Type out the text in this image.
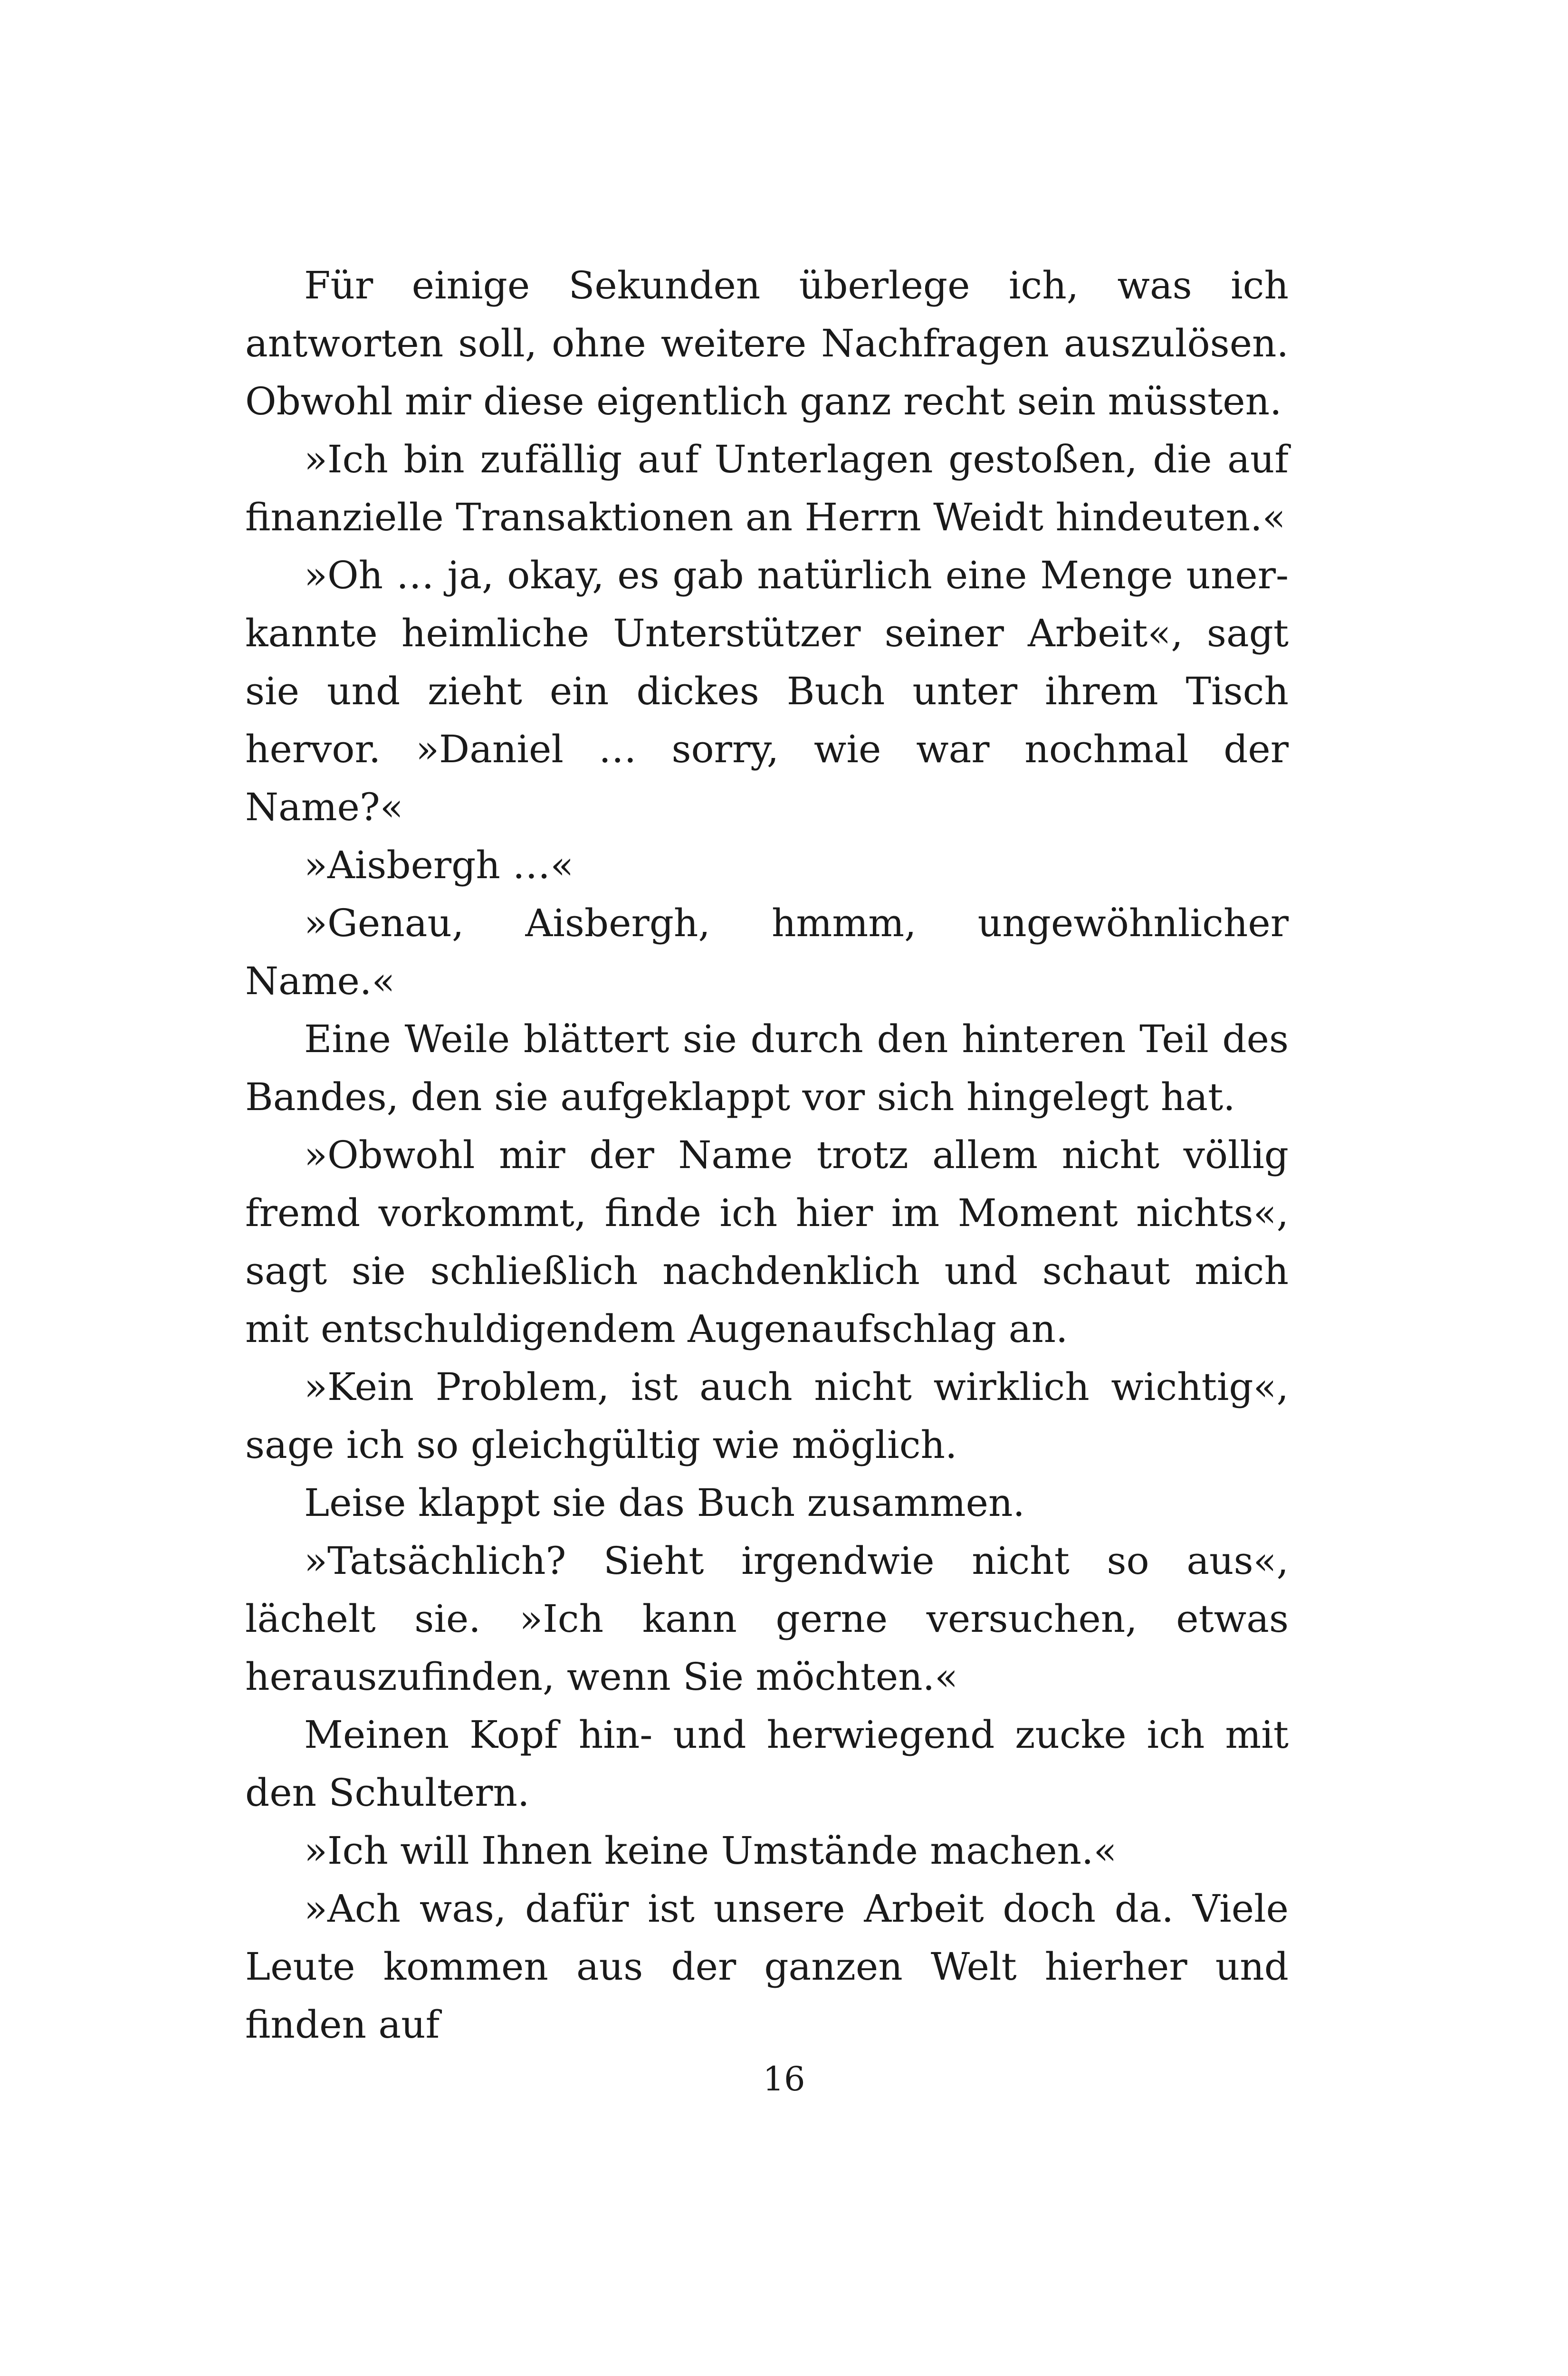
Für einige Sekunden überlege ich, was ich antworten soll, ohne weitere Nachfragen auszulösen. Obwohl mir diese eigentlich ganz recht sein müssten.

»Ich bin zufällig auf Unterlagen gestoßen, die auf finanzielle Transaktionen an Herrn Weidt hindeuten.«

»Oh … ja, okay, es gab natürlich eine Menge unerkannte heimliche Unterstützer seiner Arbeit«, sagt sie und zieht ein dickes Buch unter ihrem Tisch hervor. »Daniel … sorry, wie war nochmal der Name?«

»Aisbergh …«

»Genau, Aisbergh, hmmm, ungewöhnlicher Name.«

Eine Weile blättert sie durch den hinteren Teil des Bandes, den sie aufgeklappt vor sich hingelegt hat.

»Obwohl mir der Name trotz allem nicht völlig fremd vorkommt, finde ich hier im Moment nichts«, sagt sie schließlich nachdenklich und schaut mich mit entschuldigendem Augenaufschlag an.

»Kein Problem, ist auch nicht wirklich wichtig«, sage ich so gleichgültig wie möglich.

Leise klappt sie das Buch zusammen.

»Tatsächlich? Sieht irgendwie nicht so aus«, lächelt sie. »Ich kann gerne versuchen, etwas herauszufinden, wenn Sie möchten.«

Meinen Kopf hin- und herwiegend zucke ich mit den Schultern.

»Ich will Ihnen keine Umstände machen.«

»Ach was, dafür ist unsere Arbeit doch da. Viele Leute kommen aus der ganzen Welt hierher und finden auf

16
